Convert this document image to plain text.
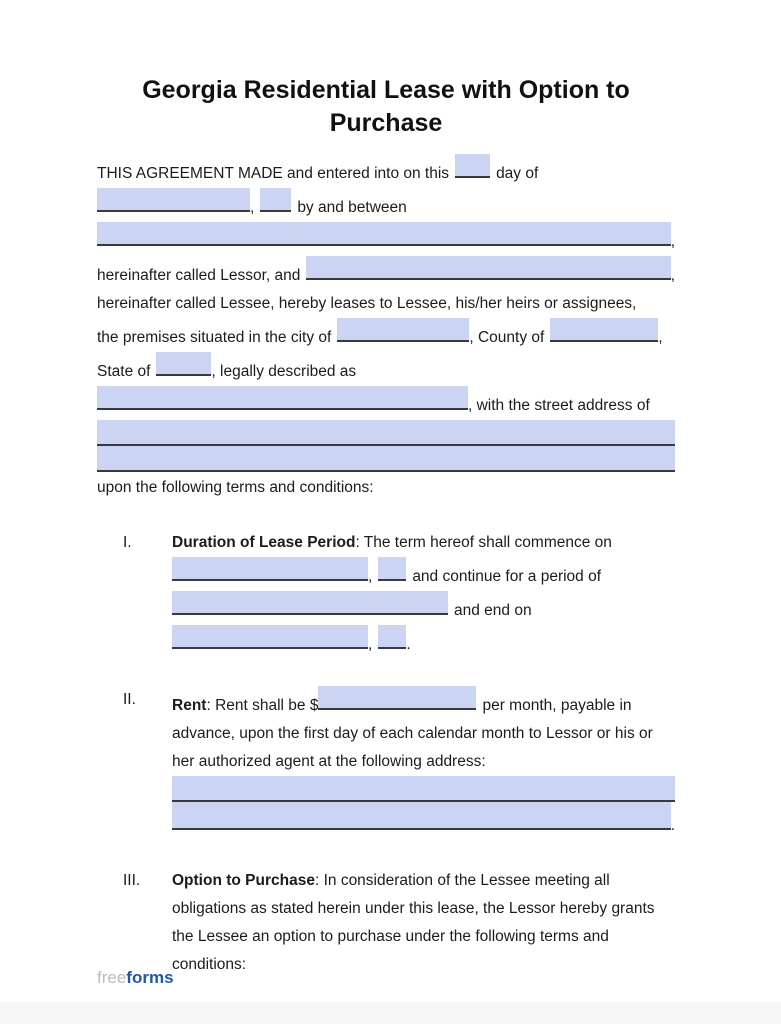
Georgia Residential Lease with Option to Purchase
THIS AGREEMENT MADE and entered into on this	day of
,	by and between
,
hereinafter called Lessor, and	,
hereinafter called Lessee, hereby leases to Lessee, his/her heirs or assignees,
the premises situated in the city of	, County of	,
State of	, legally described as
, with the street address of
upon the following terms and conditions:
I.	Duration of Lease Period: The term hereof shall commence on
,	and continue for a period of
and end on
, .
II. Rent: Rent shall be $	per month, payable in
advance, upon the first day of each calendar month to Lessor or his or
her authorized agent at the following address:
.
III. Option to Purchase: In consideration of the Lessee meeting all
obligations as stated herein under this lease, the Lessor hereby grants
the Lessee an option to purchase under the following terms and
conditions:
freeforms
